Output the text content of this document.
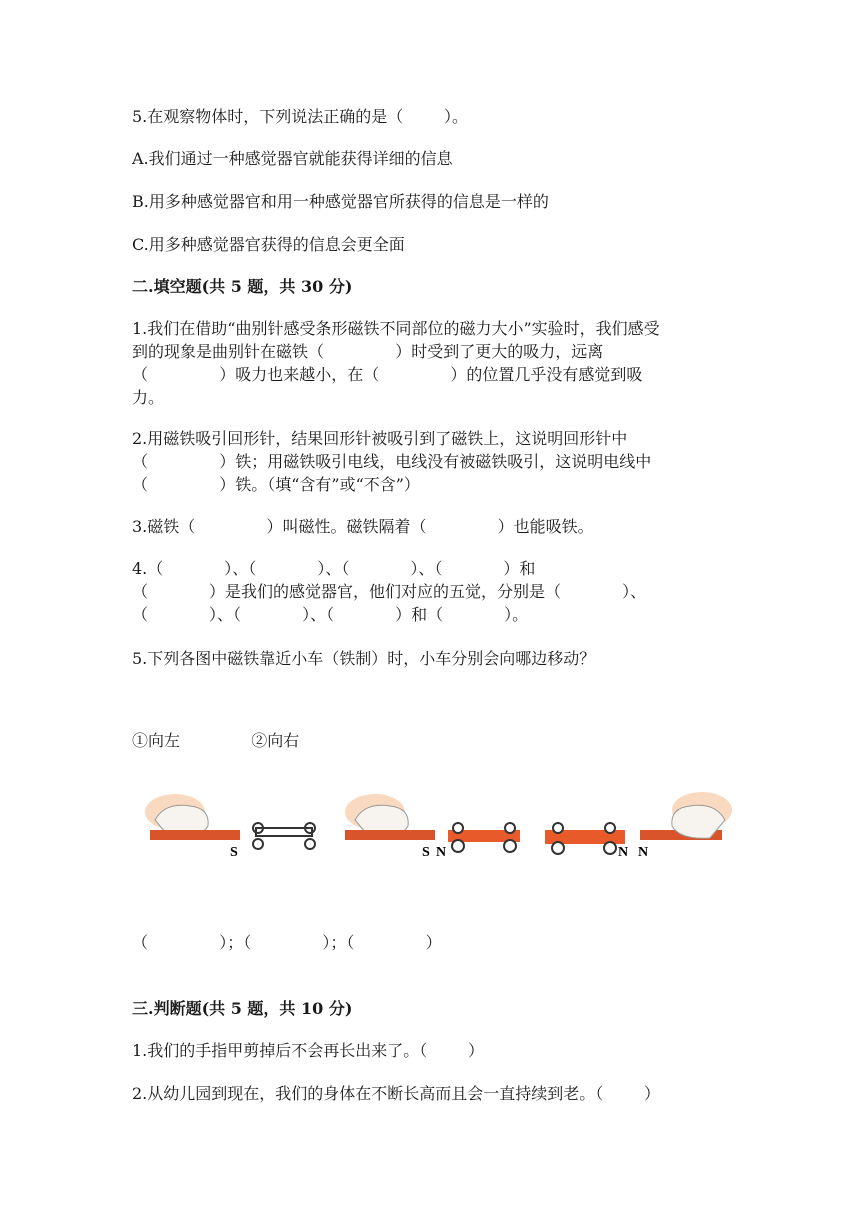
5.在观察物体时，下列说法正确的是（        ）。
A.我们通过一种感觉器官就能获得详细的信息
B.用多种感觉器官和用一种感觉器官所获得的信息是一样的
C.用多种感觉器官获得的信息会更全面
二.填空题(共 5 题，共 30 分)
1.我们在借助“曲别针感受条形磁铁不同部位的磁力大小”实验时，我们感受
到的现象是曲别针在磁铁（              ）时受到了更大的吸力，远离
（              ）吸力也来越小，在（              ）的位置几乎没有感觉到吸
力。
2.用磁铁吸引回形针，结果回形针被吸引到了磁铁上，这说明回形针中
（              ）铁；用磁铁吸引电线，电线没有被磁铁吸引，这说明电线中
（              ）铁。（填“含有”或“不含”）
3.磁铁（              ）叫磁性。磁铁隔着（              ）也能吸铁。
4.（            ）、（            ）、（            ）、（            ）和
（            ）是我们的感觉器官，他们对应的五觉，分别是（            ）、
（            ）、（            ）、（            ）和（            ）。
5.下列各图中磁铁靠近小车（铁制）时，小车分别会向哪边移动？
①向左              ②向右
S	S N	N N
（              ）；（              ）；（              ）
三.判断题(共 5 题，共 10 分)
1.我们的手指甲剪掉后不会再长出来了。（        ）
2.从幼儿园到现在，我们的身体在不断长高而且会一直持续到老。（        ）
